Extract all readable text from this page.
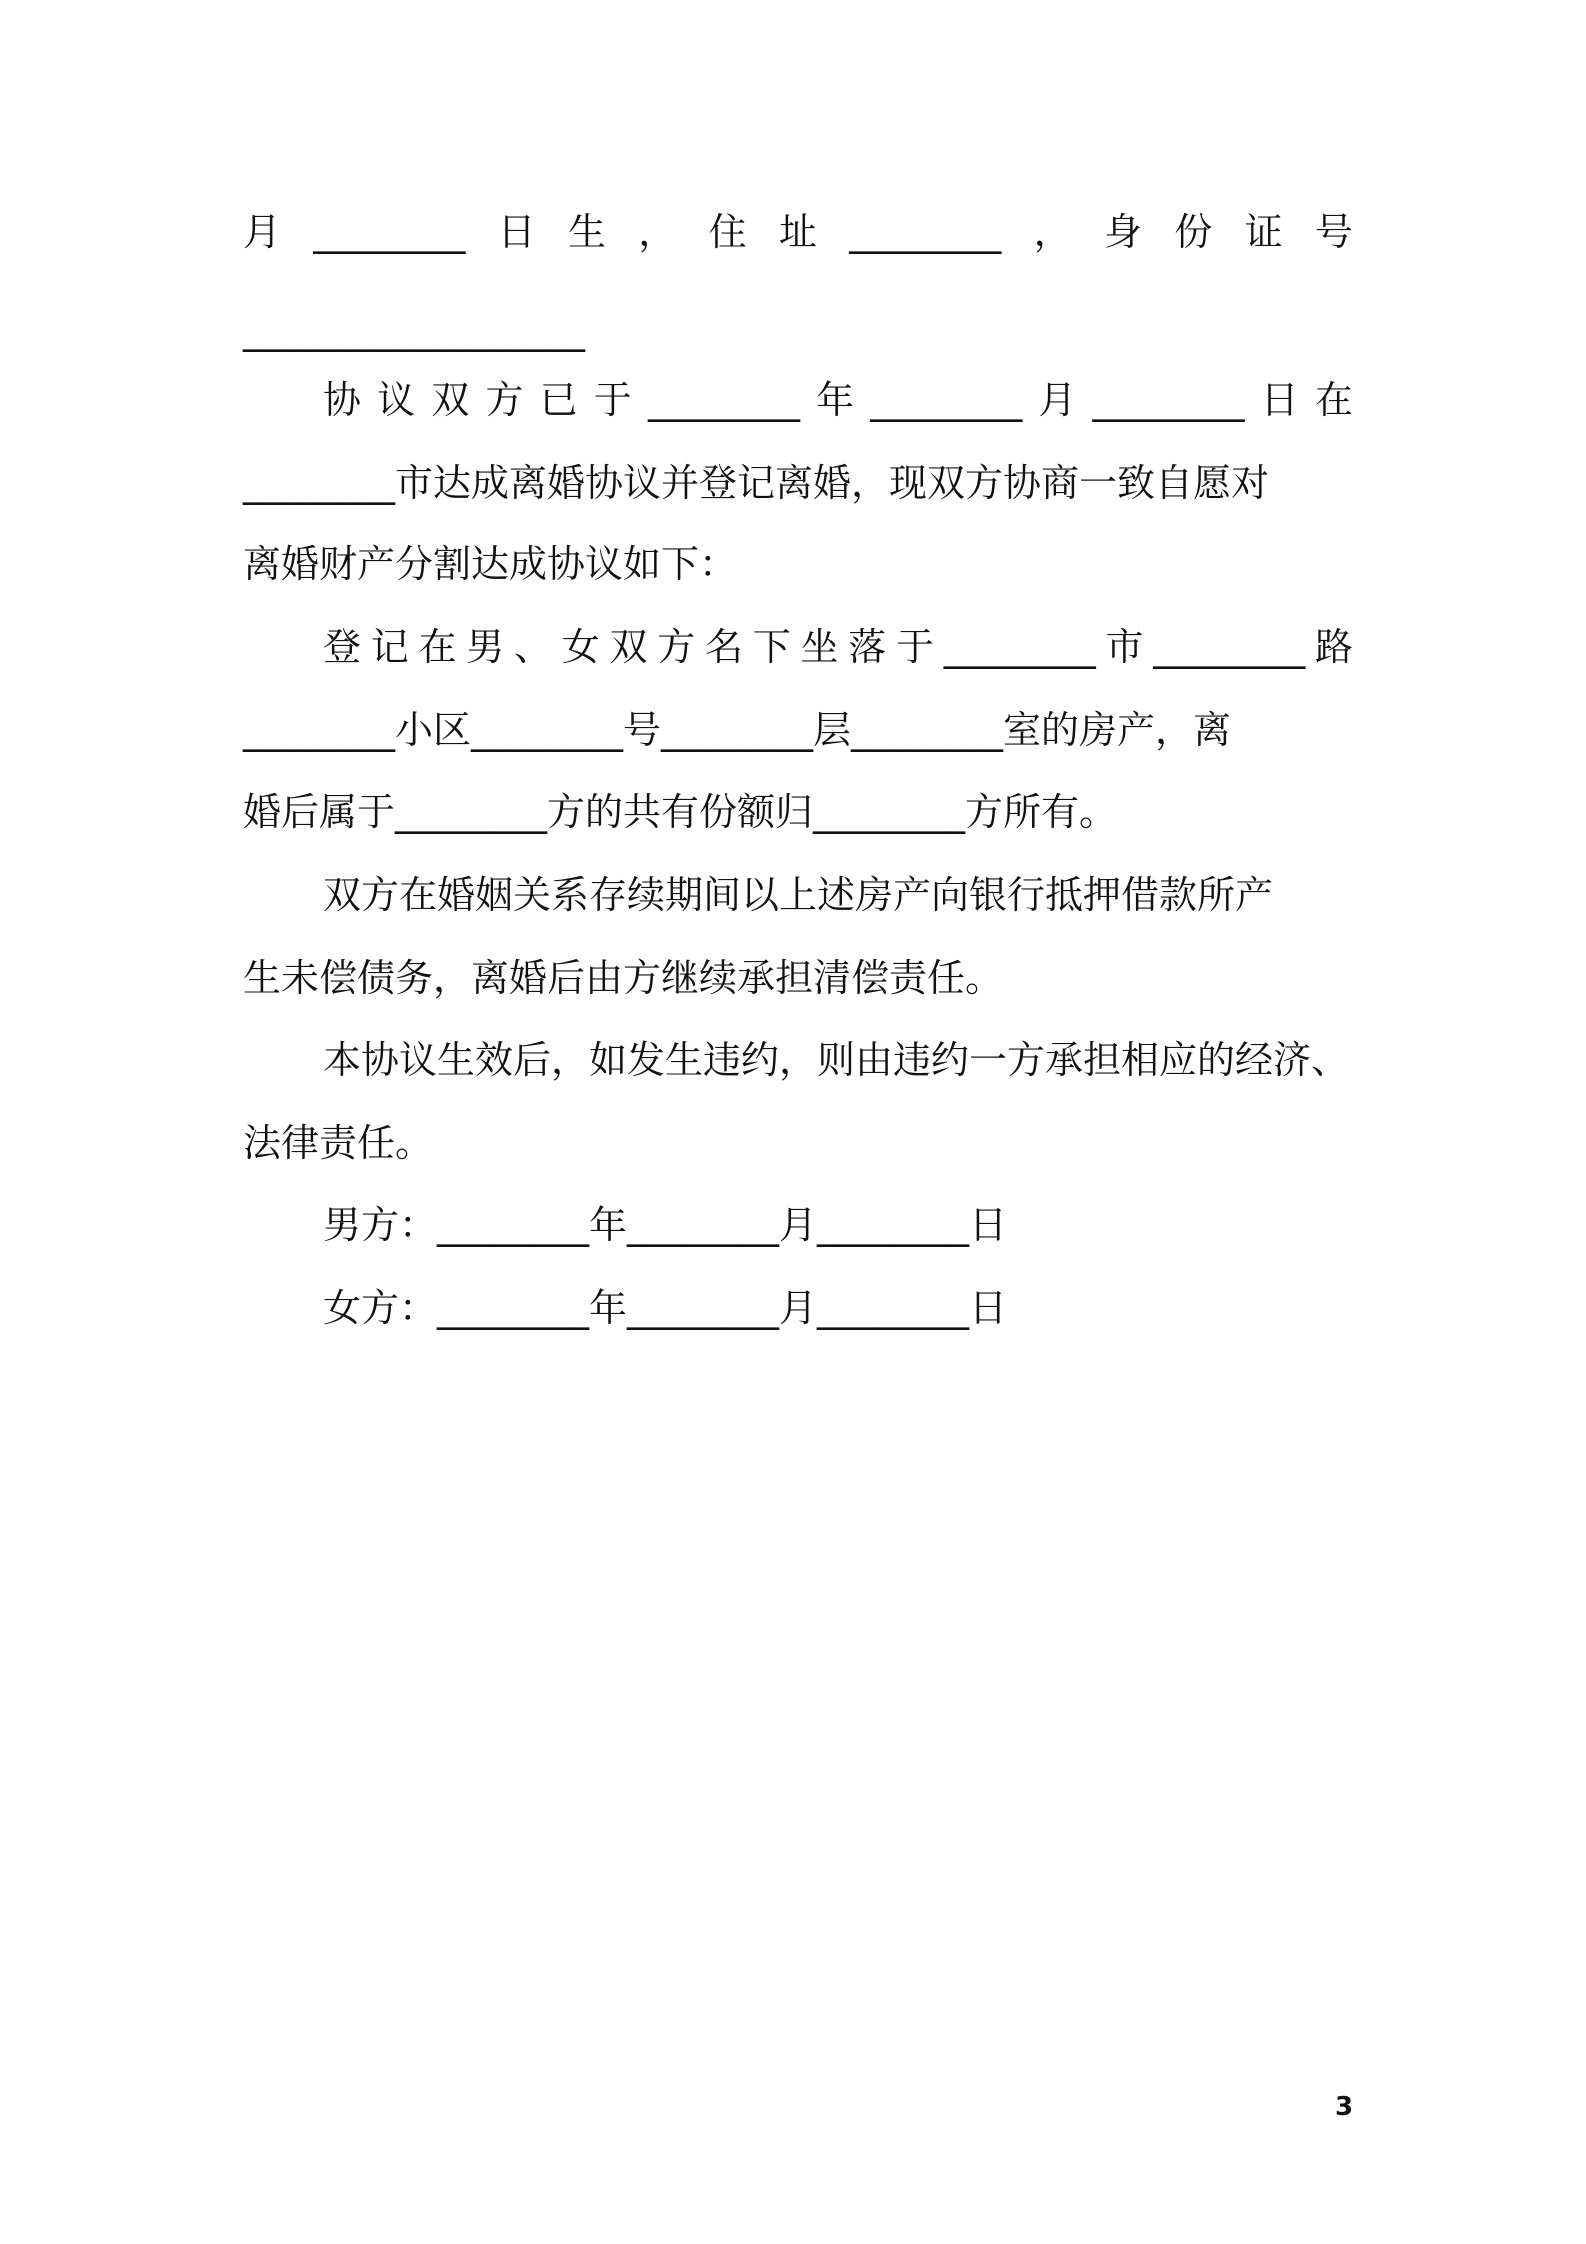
月 ________ 日 生 ， 住 址 ________ ， 身 份 证 号
__________________
协 议 双 方 已 于 ________ 年 ________ 月 ________ 日 在
________市达成离婚协议并登记离婚，现双方协商一致自愿对
离婚财产分割达成协议如下：
登 记 在 男 、 女 双 方 名 下 坐 落 于 ________ 市 ________ 路
________小区________号________层________室的房产，离
婚后属于________方的共有份额归________方所有。
双方在婚姻关系存续期间以上述房产向银行抵押借款所产
生未偿债务，离婚后由方继续承担清偿责任。
本协议生效后，如发生违约，则由违约一方承担相应的经济、
法律责任。
男方：________年________月________日
女方：________年________月________日
3
